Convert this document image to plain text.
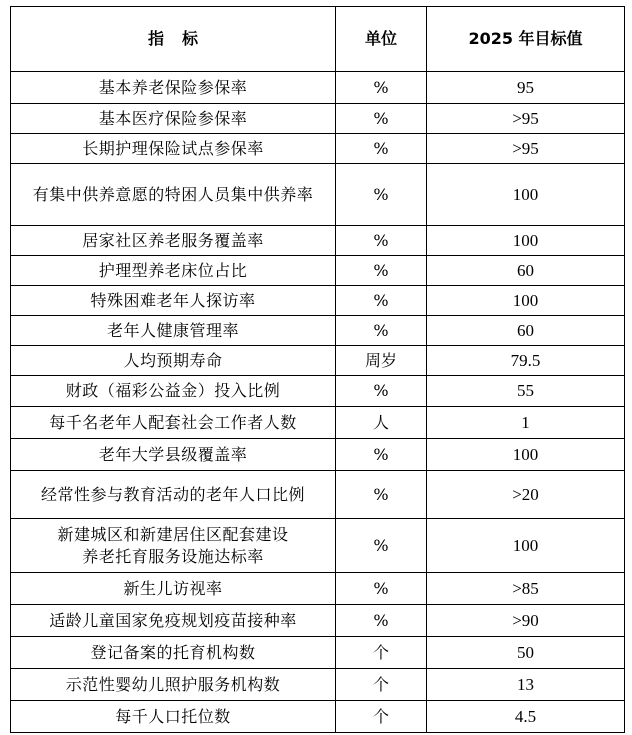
指 标	单位	2025 年目标值
基本养老保险参保率	%	95
基本医疗保险参保率	%	>95
长期护理保险试点参保率	%	>95
有集中供养意愿的特困人员集中供养率	%	100
居家社区养老服务覆盖率	%	100
护理型养老床位占比	%	60
特殊困难老年人探访率	%	100
老年人健康管理率	%	60
人均预期寿命	周岁	79.5
财政（福彩公益金）投入比例	%	55
每千名老年人配套社会工作者人数	人	1
老年大学县级覆盖率	%	100
经常性参与教育活动的老年人口比例	%	>20

新建城区和新建居住区配套建设
养老托育服务设施达标率	%	100
新生儿访视率	%	>85
适龄儿童国家免疫规划疫苗接种率	%	>90
登记备案的托育机构数	个	50
示范性婴幼儿照护服务机构数	个	13
每千人口托位数	个	4.5
